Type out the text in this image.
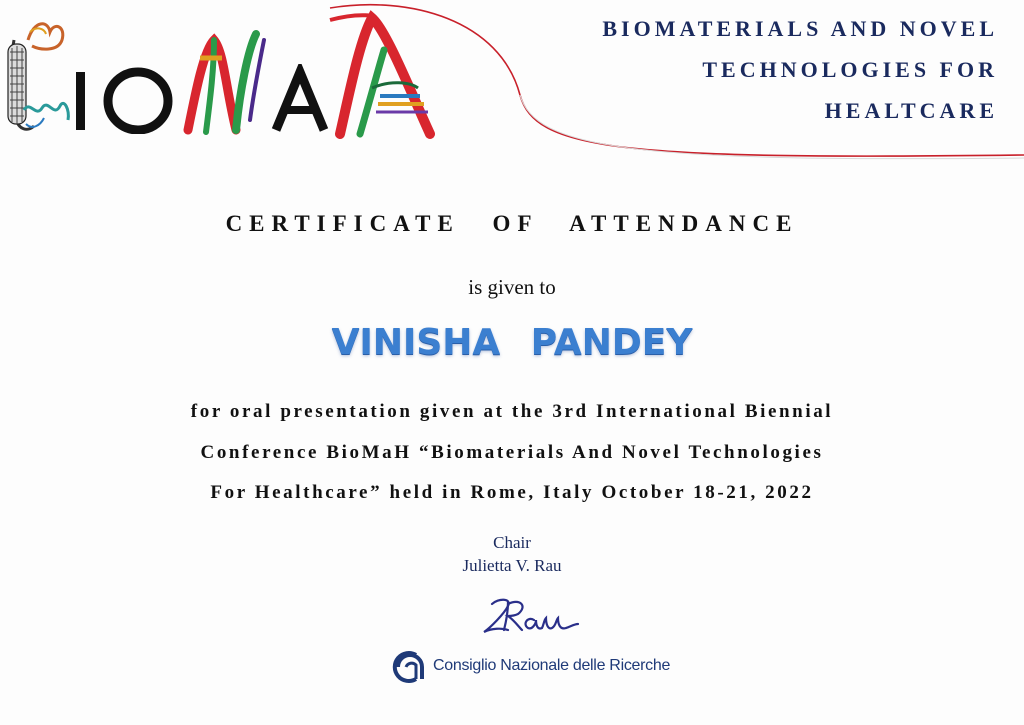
BIOMATERIALS AND NOVEL
TECHNOLOGIES FOR
HEALTCARE
CERTIFICATE OF ATTENDANCE
is given to
VINISHA PANDEY
for oral presentation given at the 3rd International Biennial
Conference BioMaH “Biomaterials And Novel Technologies
For Healthcare” held in Rome, Italy October 18-21, 2022
Chair
Julietta V. Rau
Consiglio Nazionale delle Ricerche
